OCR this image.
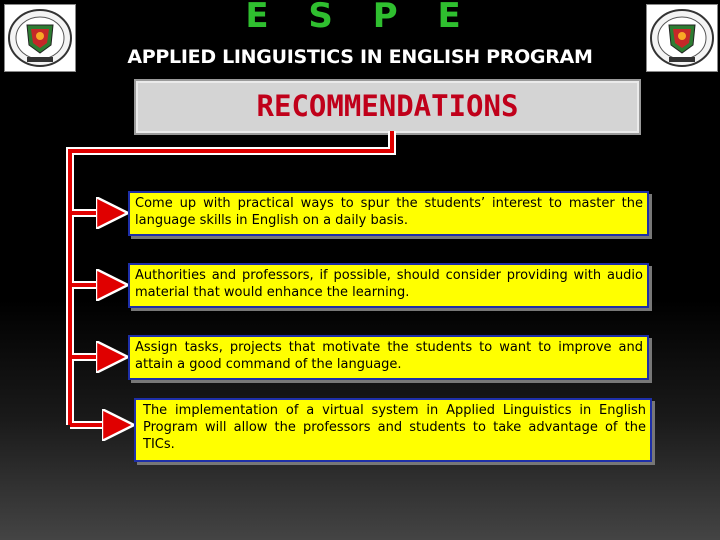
E S P E
APPLIED LINGUISTICS IN ENGLISH PROGRAM
RECOMMENDATIONS
Come up with practical ways to spur the students’ interest to master the language skills in English on a daily basis.
Authorities and professors, if possible, should consider providing with audio material that would enhance the learning.
Assign tasks, projects that motivate the students to want to improve and attain a good command of the language.
The implementation of a virtual system in Applied Linguistics in English Program will allow the professors and students to take advantage of the TICs.
